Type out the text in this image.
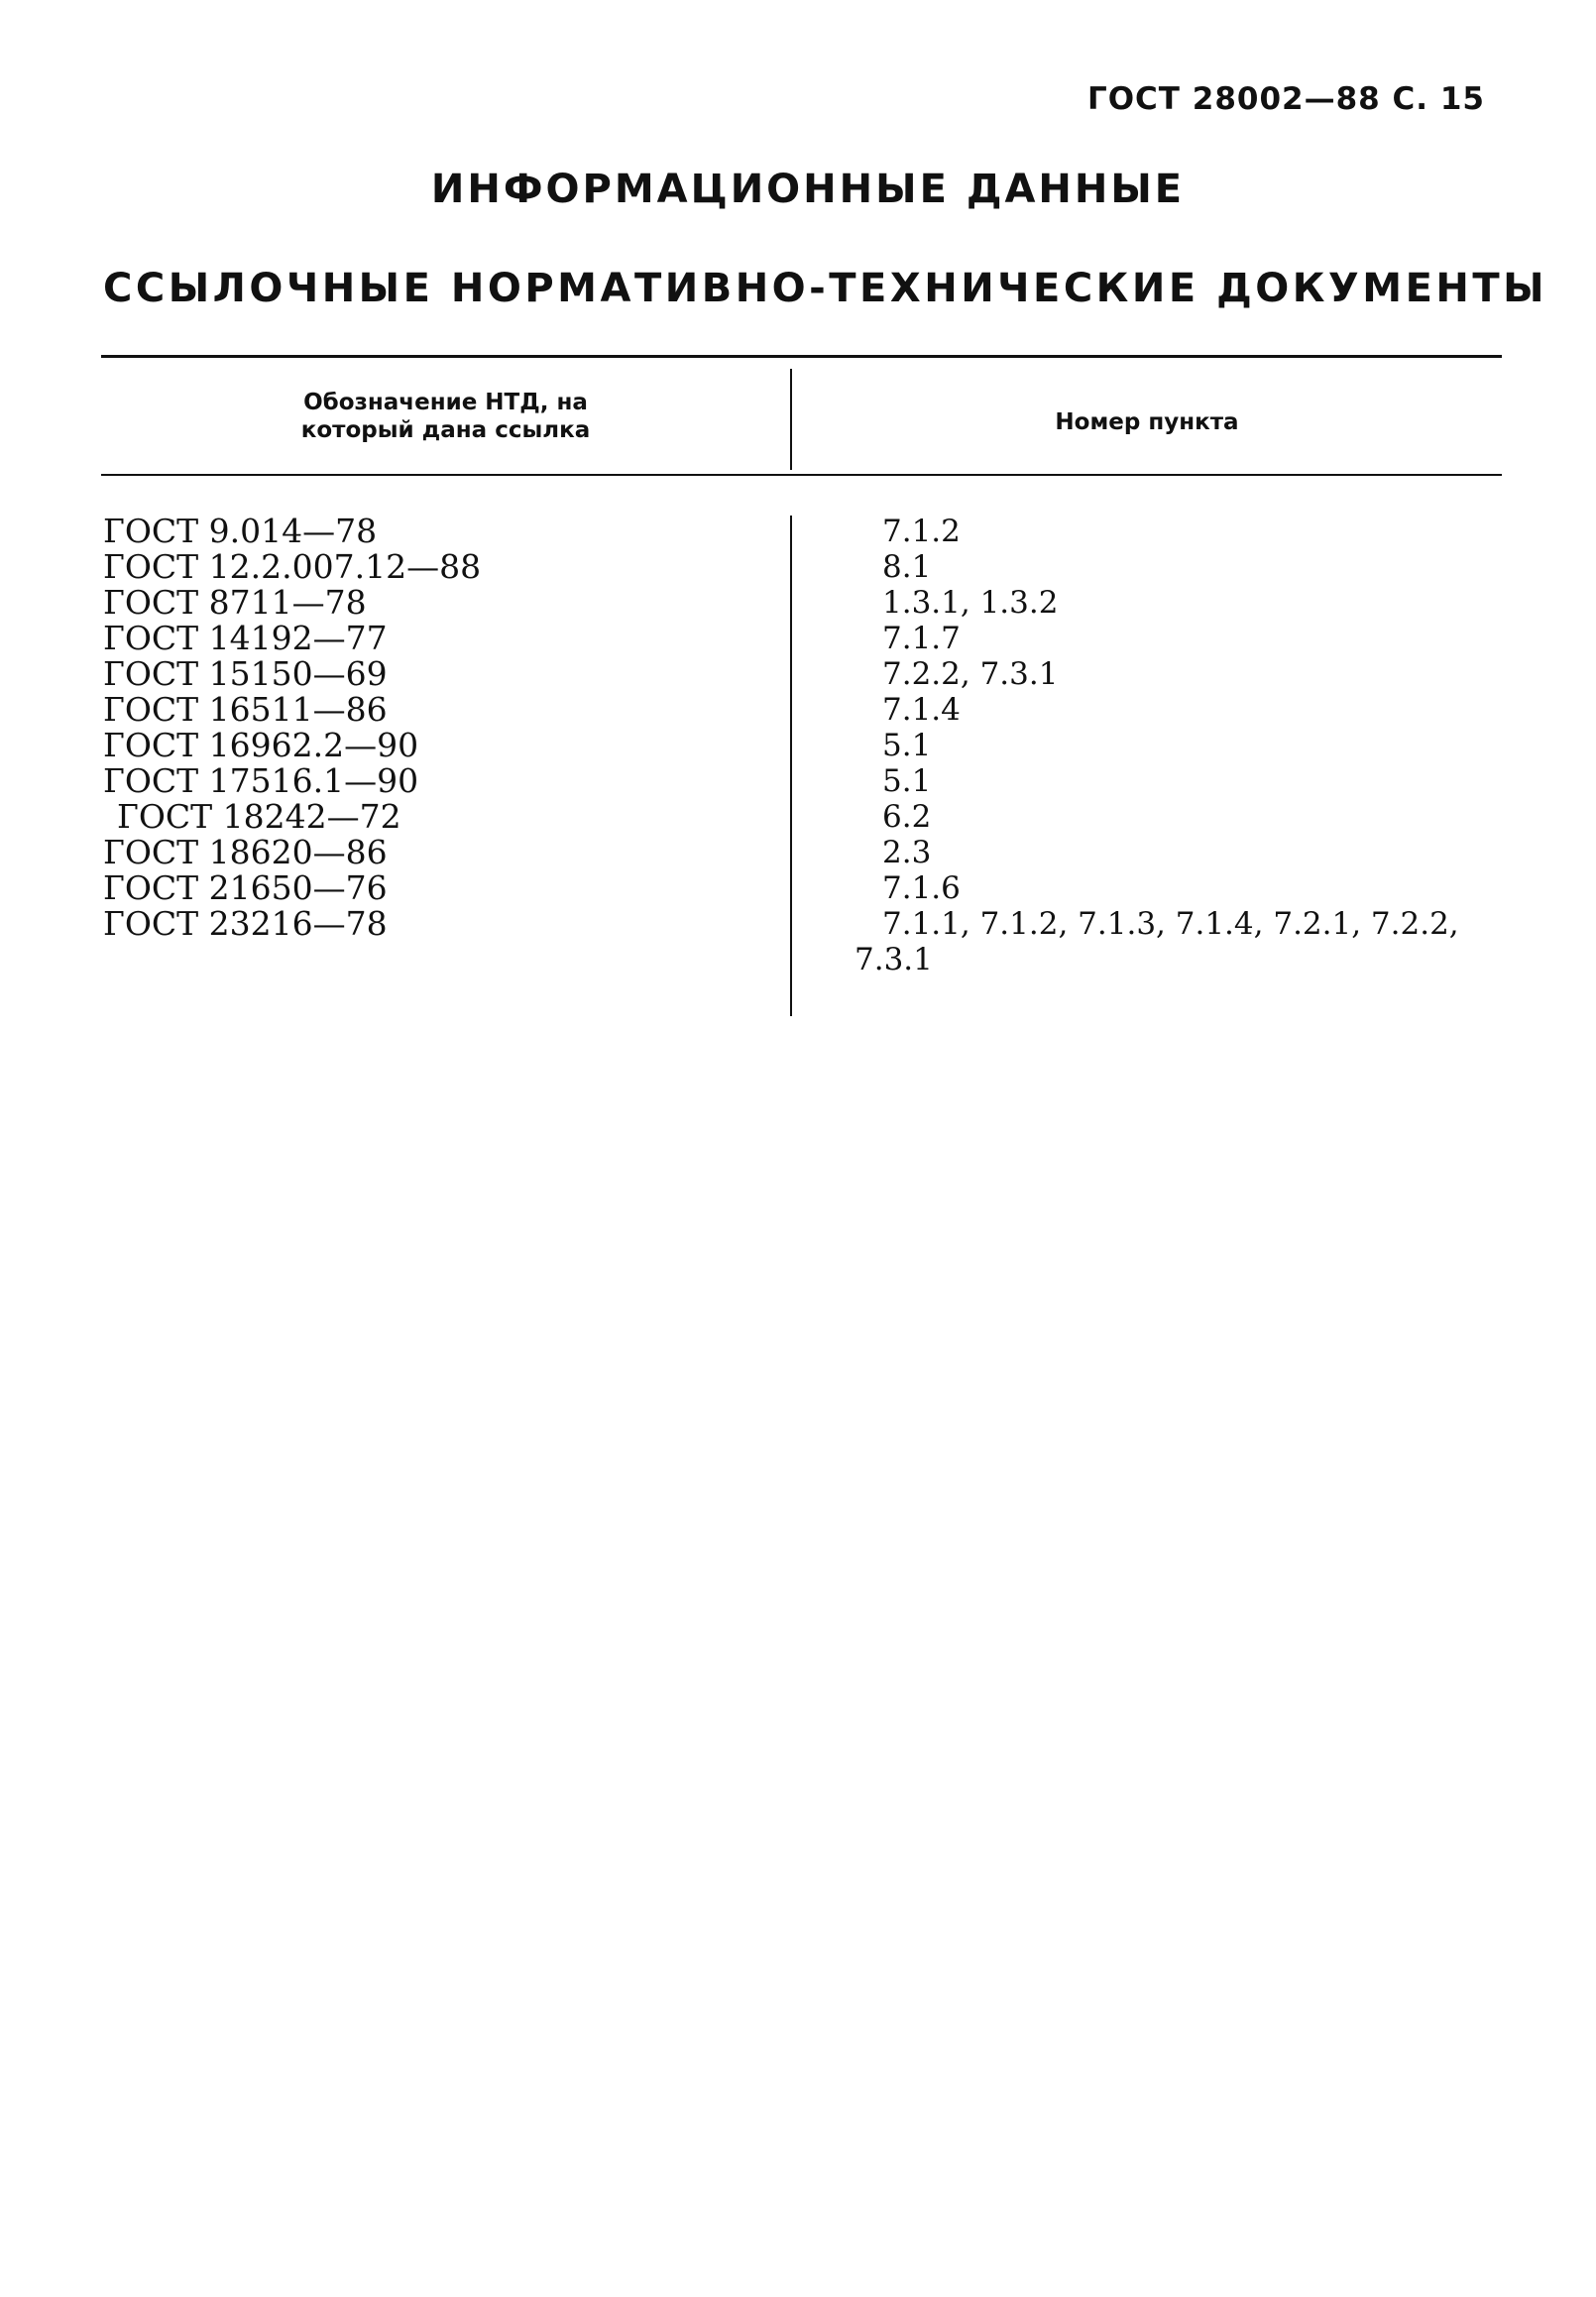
ГОСТ 28002—88 С. 15
ИНФОРМАЦИОННЫЕ ДАННЫЕ
ССЫЛОЧНЫЕ НОРМАТИВНО-ТЕХНИЧЕСКИЕ ДОКУМЕНТЫ
Обозначение НТД, на
который дана ссылка	Номер пункта
ГОСТ 9.014—78	7.1.2
ГОСТ 12.2.007.12—88	8.1
ГОСТ 8711—78	1.3.1, 1.3.2
ГОСТ 14192—77	7.1.7
ГОСТ 15150—69	7.2.2, 7.3.1
ГОСТ 16511—86	7.1.4
ГОСТ 16962.2—90	5.1
ГОСТ 17516.1—90	5.1
ГОСТ 18242—72	6.2
ГОСТ 18620—86	2.3
ГОСТ 21650—76	7.1.6
ГОСТ 23216—78	7.1.1, 7.1.2, 7.1.3, 7.1.4, 7.2.1, 7.2.2,
7.3.1
